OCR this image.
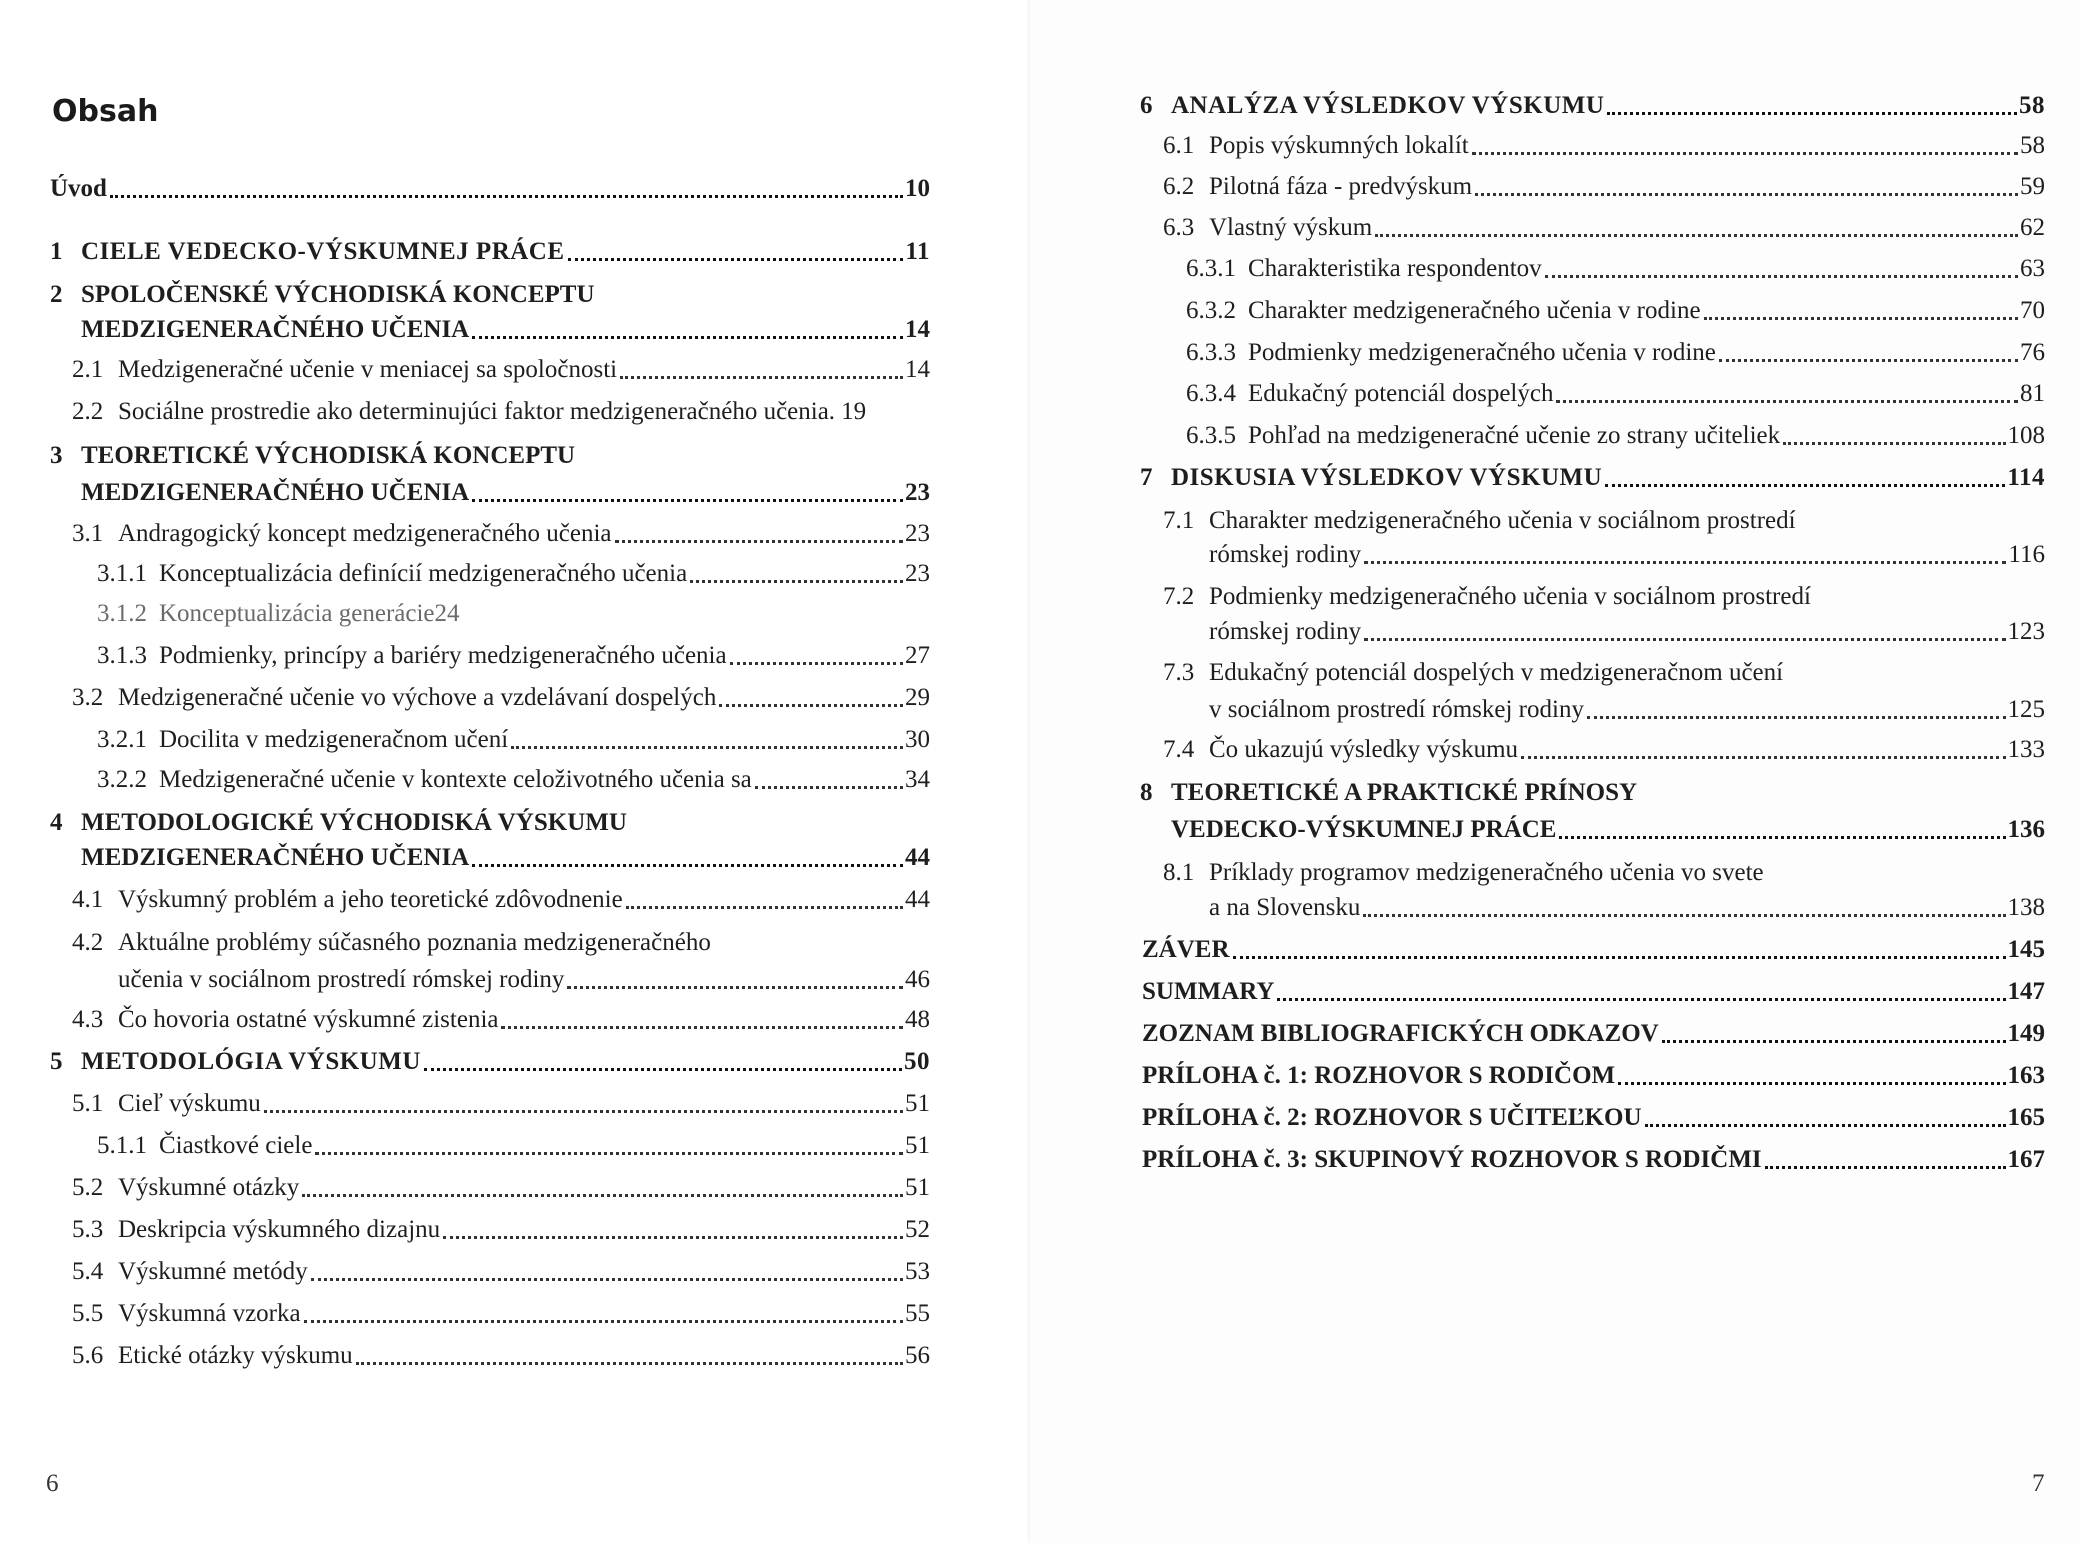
Obsah
Úvod	10
1 CIELE VEDECKO-VÝSKUMNEJ PRÁCE	11
2 SPOLOČENSKÉ VÝCHODISKÁ KONCEPTU
MEDZIGENERAČNÉHO UČENIA	14
2.1 Medzigeneračné učenie v meniacej sa spoločnosti	14
2.2 Sociálne prostredie ako determinujúci faktor medzigeneračného učenia. 19
3 TEORETICKÉ VÝCHODISKÁ KONCEPTU
MEDZIGENERAČNÉHO UČENIA	23
3.1 Andragogický koncept medzigeneračného učenia	23
3.1.1 Konceptualizácia definícií medzigeneračného učenia	23
3.1.2 Konceptualizácia generácie24
3.1.3 Podmienky, princípy a bariéry medzigeneračného učenia	27
3.2 Medzigeneračné učenie vo výchove a vzdelávaní dospelých	29
3.2.1 Docilita v medzigeneračnom učení	30
3.2.2 Medzigeneračné učenie v kontexte celoživotného učenia sa	34
4 METODOLOGICKÉ VÝCHODISKÁ VÝSKUMU
MEDZIGENERAČNÉHO UČENIA	44
4.1 Výskumný problém a jeho teoretické zdôvodnenie	44
4.2 Aktuálne problémy súčasného poznania medzigeneračného
učenia v sociálnom prostredí rómskej rodiny	46
4.3 Čo hovoria ostatné výskumné zistenia	48
5 METODOLÓGIA VÝSKUMU	50
5.1 Cieľ výskumu	51
5.1.1 Čiastkové ciele	51
5.2 Výskumné otázky	51
5.3 Deskripcia výskumného dizajnu	52
5.4 Výskumné metódy	53
5.5 Výskumná vzorka	55
5.6 Etické otázky výskumu	56
6
6 ANALÝZA VÝSLEDKOV VÝSKUMU	58
6.1 Popis výskumných lokalít	58
6.2 Pilotná fáza - predvýskum	59
6.3 Vlastný výskum	62
6.3.1 Charakteristika respondentov	63
6.3.2 Charakter medzigeneračného učenia v rodine	70
6.3.3 Podmienky medzigeneračného učenia v rodine	76
6.3.4 Edukačný potenciál dospelých	81
6.3.5 Pohľad na medzigeneračné učenie zo strany učiteliek	108
7 DISKUSIA VÝSLEDKOV VÝSKUMU	114
7.1 Charakter medzigeneračného učenia v sociálnom prostredí
rómskej rodiny	116
7.2 Podmienky medzigeneračného učenia v sociálnom prostredí
rómskej rodiny	123
7.3 Edukačný potenciál dospelých v medzigeneračnom učení
v sociálnom prostredí rómskej rodiny	125
7.4 Čo ukazujú výsledky výskumu	133
8 TEORETICKÉ A PRAKTICKÉ PRÍNOSY
VEDECKO-VÝSKUMNEJ PRÁCE	136
8.1 Príklady programov medzigeneračného učenia vo svete
a na Slovensku	138
ZÁVER	145
SUMMARY	147
ZOZNAM BIBLIOGRAFICKÝCH ODKAZOV	149
PRÍLOHA č. 1: ROZHOVOR S RODIČOM	163
PRÍLOHA č. 2: ROZHOVOR S UČITEĽKOU	165
PRÍLOHA č. 3: SKUPINOVÝ ROZHOVOR S RODIČMI	167
7
